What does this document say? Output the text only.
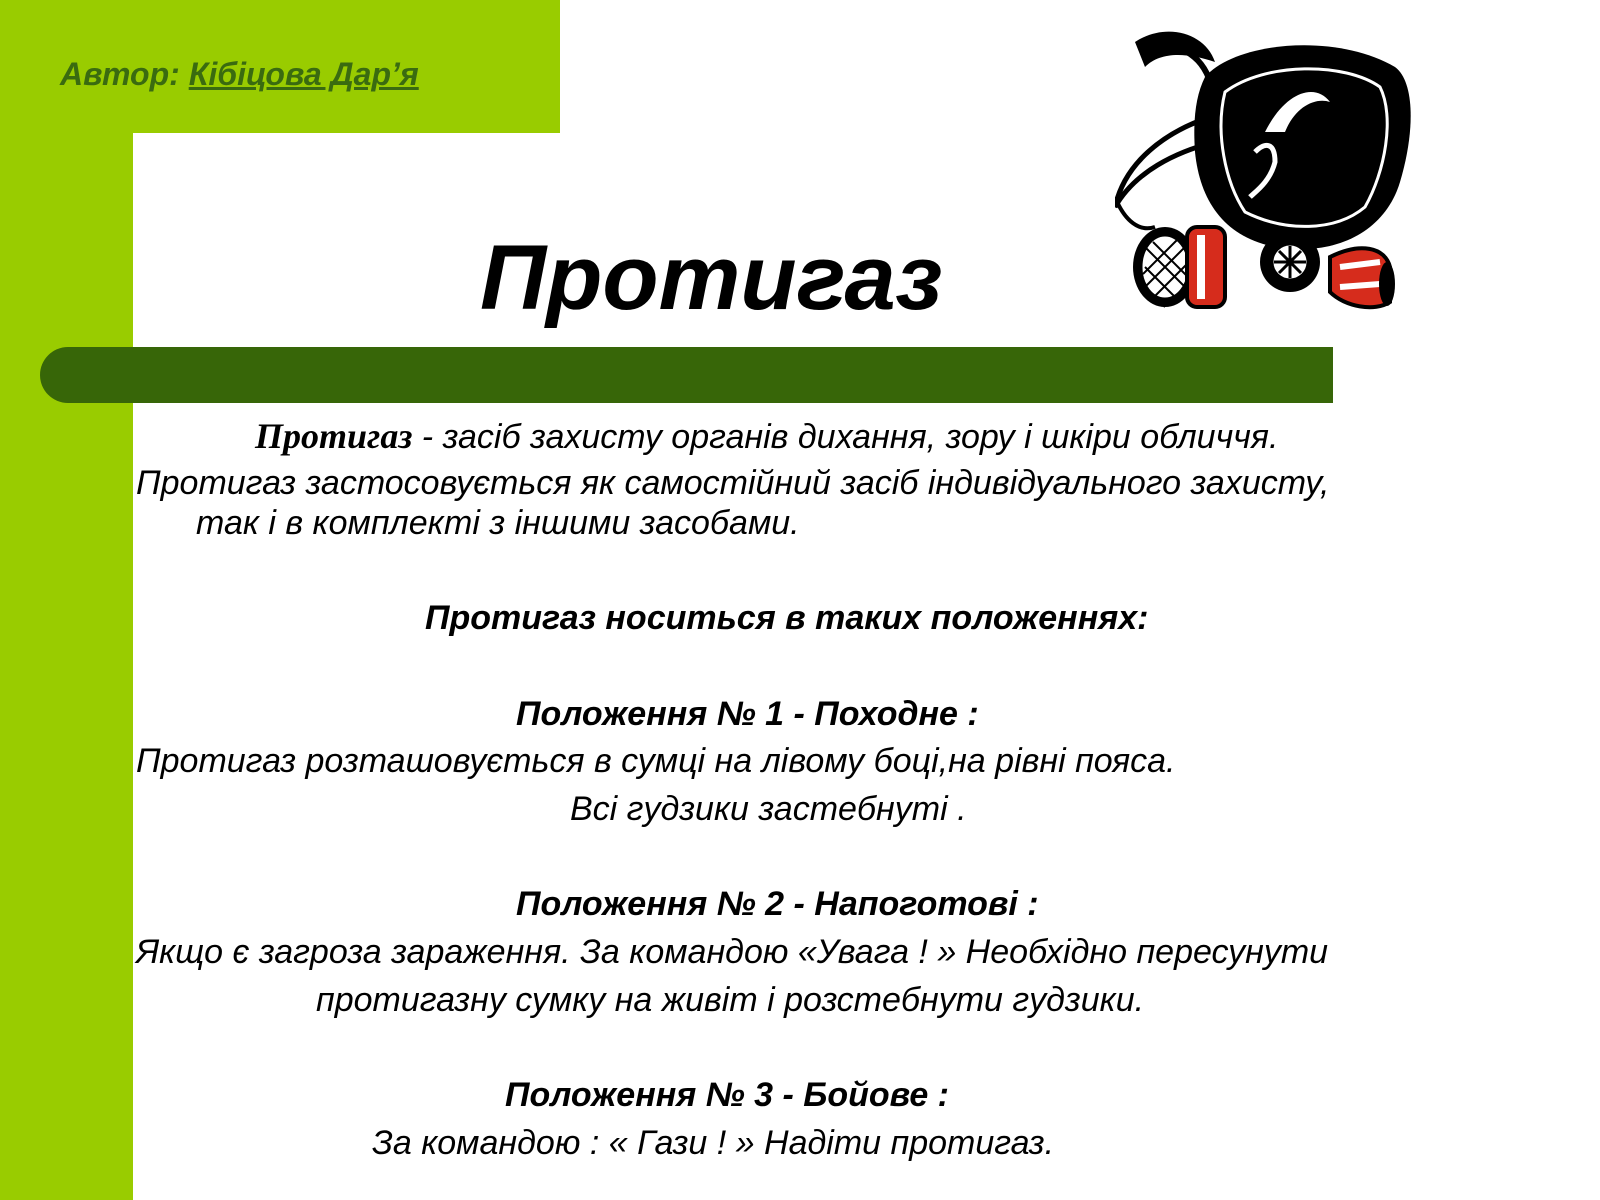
Автор: Кібіцова Дар’я
Протигаз
Протигаз - засіб захисту органів дихання, зору і шкіри обличчя.
Протигаз застосовується як самостійний засіб індивідуального захисту,
так і в комплекті з іншими засобами.
Протигаз носиться в таких положеннях:
Положення № 1 - Походне :
Протигаз розташовується в сумці на лівому боці,на рівні пояса.
Всі гудзики застебнуті .
Положення № 2 - Напоготові :
Якщо є загроза зараження. За командою «Увага ! » Необхідно пересунути
протигазну сумку на живіт і розстебнути гудзики.
Положення № 3 - Бойове :
За командою : « Гази ! » Надіти протигаз.
